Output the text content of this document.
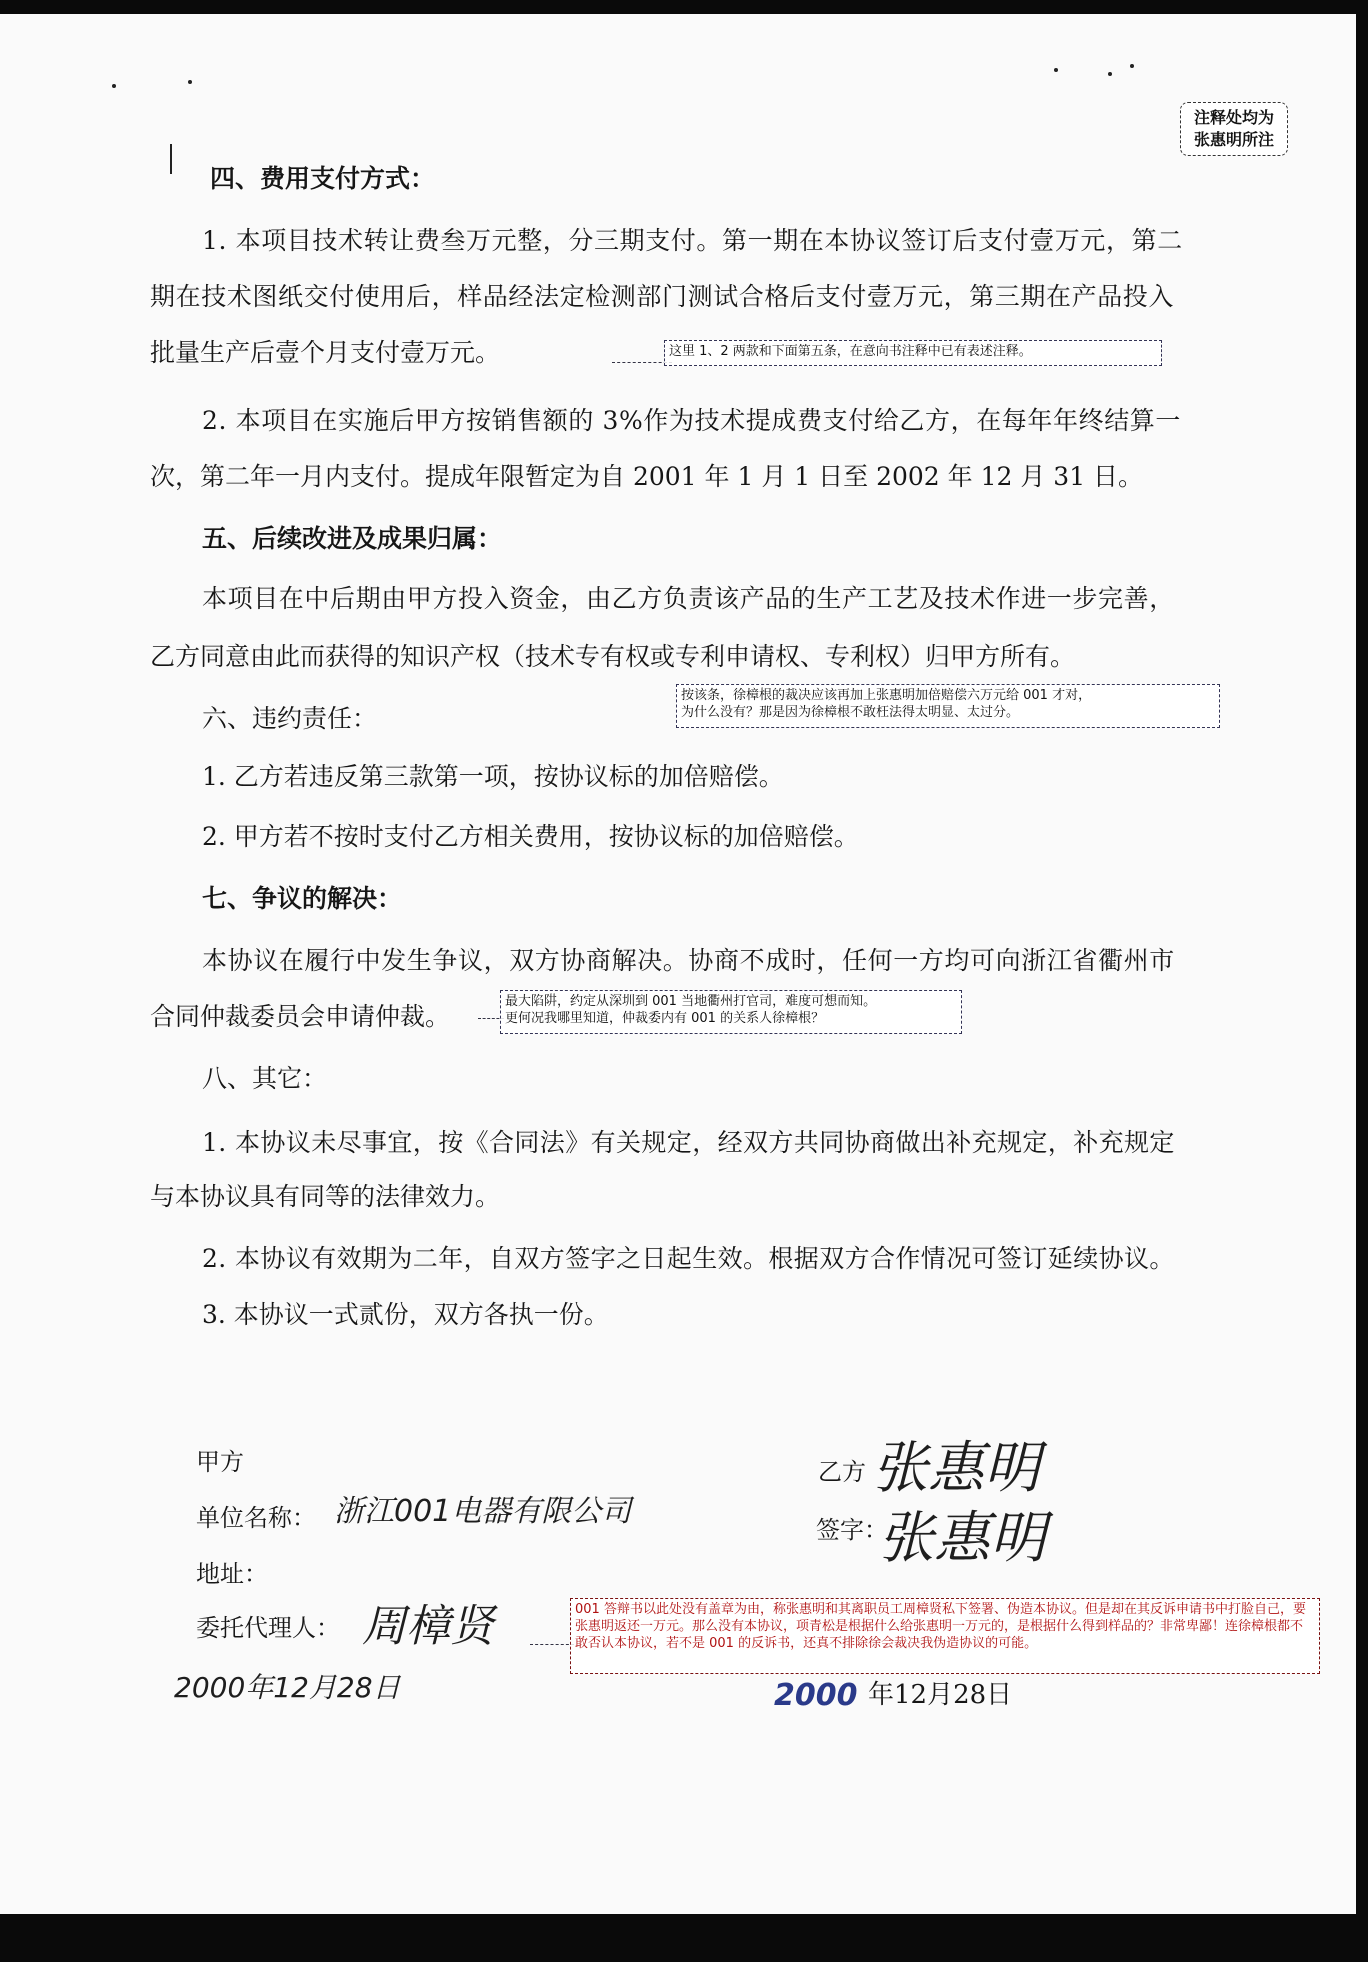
注释处均为
张惠明所注
四、费用支付方式：
1. 本项目技术转让费叁万元整，分三期支付。第一期在本协议签订后支付壹万元，第二
期在技术图纸交付使用后，样品经法定检测部门测试合格后支付壹万元，第三期在产品投入
批量生产后壹个月支付壹万元。	这里 1、2 两款和下面第五条，在意向书注释中已有表述注释。
2. 本项目在实施后甲方按销售额的 3%作为技术提成费支付给乙方，在每年年终结算一
次，第二年一月内支付。提成年限暂定为自 2001 年 1 月 1 日至 2002 年 12 月 31 日。
五、后续改进及成果归属：
本项目在中后期由甲方投入资金，由乙方负责该产品的生产工艺及技术作进一步完善，
乙方同意由此而获得的知识产权（技术专有权或专利申请权、专利权）归甲方所有。
六、违约责任：
按该条，徐樟根的裁决应该再加上张惠明加倍赔偿六万元给 001 才对，
为什么没有？那是因为徐樟根不敢枉法得太明显、太过分。
1. 乙方若违反第三款第一项，按协议标的加倍赔偿。
2. 甲方若不按时支付乙方相关费用，按协议标的加倍赔偿。
七、争议的解决：
本协议在履行中发生争议，双方协商解决。协商不成时，任何一方均可向浙江省衢州市
合同仲裁委员会申请仲裁。
最大陷阱，约定从深圳到 001 当地衢州打官司，难度可想而知。
更何况我哪里知道，仲裁委内有 001 的关系人徐樟根？
八、其它：
1. 本协议未尽事宜，按《合同法》有关规定，经双方共同协商做出补充规定，补充规定
与本协议具有同等的法律效力。
2. 本协议有效期为二年，自双方签字之日起生效。根据双方合作情况可签订延续协议。
3. 本协议一式贰份，双方各执一份。
甲方
单位名称： 浙江001电器有限公司
地址：
委托代理人： 周樟贤
2000年12月28日
乙方 张惠明
签字：
张惠明
001 答辩书以此处没有盖章为由，称张惠明和其离职员工周樟贤私下签署、伪造本协议。但是却在其反诉申请书中打脸自己，要张惠明返还一万元。那么没有本协议，项青松是根据什么给张惠明一万元的，是根据什么得到样品的？非常卑鄙！连徐樟根都不敢否认本协议，若不是 001 的反诉书，还真不排除徐会裁决我伪造协议的可能。
2000 年12月28日
